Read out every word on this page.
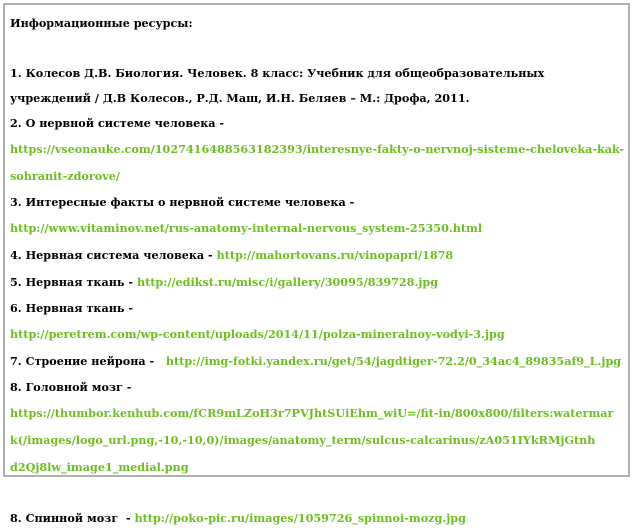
Информационные ресурсы:
1. Колесов Д.В. Биология. Человек. 8 класс: Учебник для общеобразовательных
учреждений / Д.В Колесов., Р.Д. Маш, И.Н. Беляев – М.: Дрофа, 2011.
2. О нервной системе человека -
https://vseonauke.com/1027416488563182393/interesnye-fakty-o-nervnoj-sisteme-cheloveka-kak-
sohranit-zdorove/
3. Интересные факты о нервной системе человека -
http://www.vitaminov.net/rus-anatomy-internal-nervous_system-25350.html
4. Нервная система человека - http://mahortovans.ru/vinopapri/1878
5. Нервная ткань - http://edikst.ru/misc/i/gallery/30095/839728.jpg
6. Нервная ткань -
http://peretrem.com/wp-content/uploads/2014/11/polza-mineralnoy-vodyi-3.jpg
7. Строение нейрона -   http://img-fotki.yandex.ru/get/54/jagdtiger-72.2/0_34ac4_89835af9_L.jpg
8. Головной мозг -
https://thumbor.kenhub.com/fCR9mLZoH3r7PVJhtSUiEhm_wiU=/fit-in/800x800/filters:watermar
k(/images/logo_url.png,-10,-10,0)/images/anatomy_term/sulcus-calcarinus/zA051IYkRMjGtnh
d2Qj8lw_image1_medial.png
8. Спинной мозг  - http://poko-pic.ru/images/1059726_spinnoi-mozg.jpg
